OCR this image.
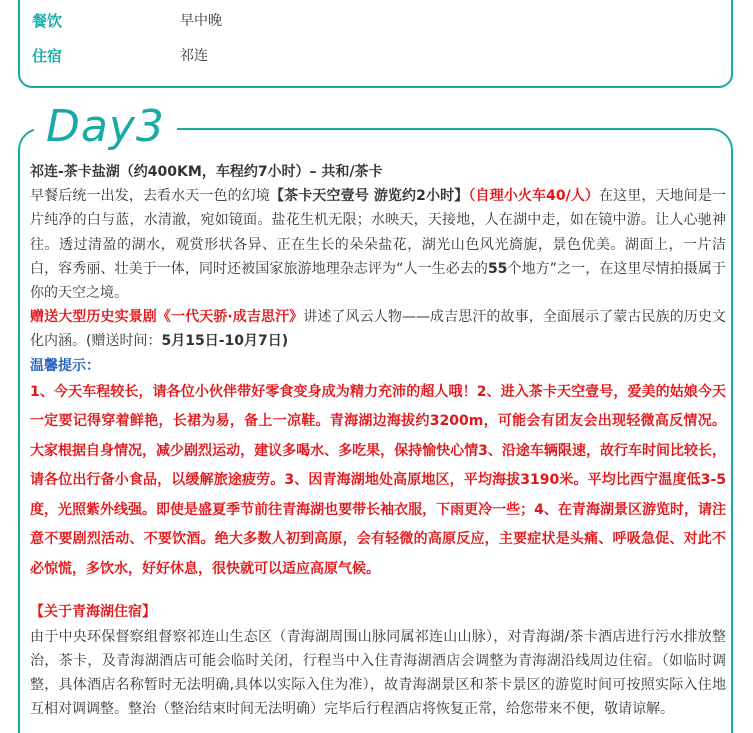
餐饮	早中晚
住宿	祁连
Day3

祁连-茶卡盐湖（约400KM，车程约7小时）– 共和/茶卡

早餐后统一出发，去看水天一色的幻境【茶卡天空壹号 游览约2小时】（自理小火车40/人）在这里，天地间是一片纯净的白与蓝，水清澈，宛如镜面。盐花生机无限；水映天，天接地，人在湖中走，如在镜中游。让人心驰神往。透过清盈的湖水，观赏形状各异、正在生长的朵朵盐花，湖光山色风光旖旎，景色优美。湖面上，一片洁白，容秀丽、壮美于一体，同时还被国家旅游地理杂志评为“人一生必去的55个地方”之一，在这里尽情拍摄属于你的天空之境。

赠送大型历史实景剧《一代天骄·成吉思汗》讲述了风云人物——成吉思汗的故事，全面展示了蒙古民族的历史文化内涵。(赠送时间：5月15日-10月7日)

温馨提示：

1、今天车程较长，请各位小伙伴带好零食变身成为精力充沛的超人哦！2、进入茶卡天空壹号，爱美的姑娘今天一定要记得穿着鲜艳，长裙为易，备上一凉鞋。青海湖边海拔约3200m，可能会有团友会出现轻微高反情况。大家根据自身情况，减少剧烈运动，建议多喝水、多吃果，保持愉快心情3、沿途车辆限速，故行车时间比较长，请各位出行备小食品，以缓解旅途疲劳。3、因青海湖地处高原地区，平均海拔3190米。平均比西宁温度低3-5度，光照紫外线强。即使是盛夏季节前往青海湖也要带长袖衣服，下雨更冷一些；4、在青海湖景区游览时，请注意不要剧烈活动、不要饮酒。绝大多数人初到高原，会有轻微的高原反应，主要症状是头痛、呼吸急促、对此不必惊慌，多饮水，好好休息，很快就可以适应高原气候。

【关于青海湖住宿】

由于中央环保督察组督察祁连山生态区（青海湖周围山脉同属祁连山山脉），对青海湖/茶卡酒店进行污水排放整治，茶卡，及青海湖酒店可能会临时关闭，行程当中入住青海湖酒店会调整为青海湖沿线周边住宿。（如临时调整，具体酒店名称暂时无法明确,具体以实际入住为准），故青海湖景区和茶卡景区的游览时间可按照实际入住地互相对调调整。整治（整治结束时间无法明确）完毕后行程酒店将恢复正常，给您带来不便，敬请谅解。
